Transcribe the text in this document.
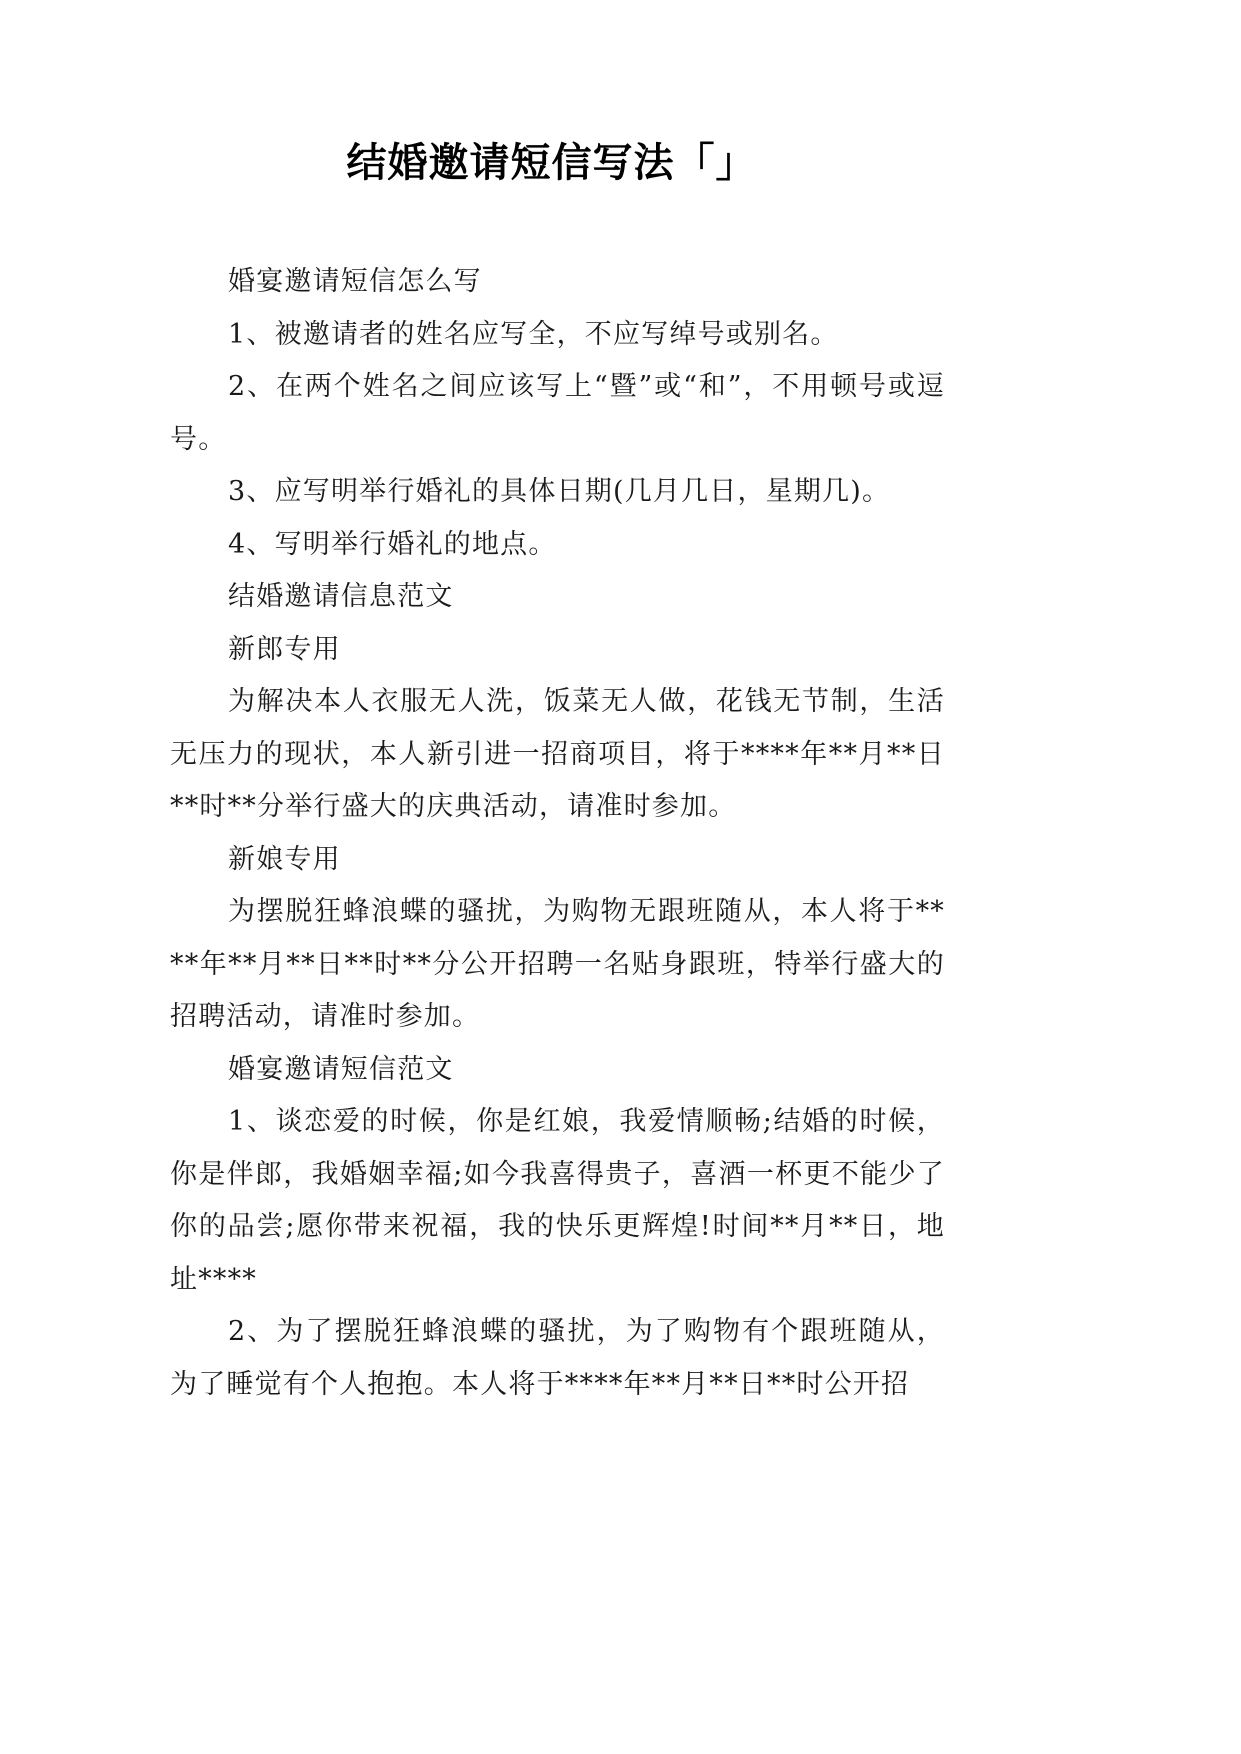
结婚邀请短信写法「」

婚宴邀请短信怎么写

1、被邀请者的姓名应写全，不应写绰号或别名。

2、在两个姓名之间应该写上“暨”或“和”，不用顿号或逗号。

3、应写明举行婚礼的具体日期(几月几日，星期几)。

4、写明举行婚礼的地点。

结婚邀请信息范文

新郎专用

为解决本人衣服无人洗，饭菜无人做，花钱无节制，生活无压力的现状，本人新引进一招商项目，将于****年**月**日**时**分举行盛大的庆典活动，请准时参加。

新娘专用

为摆脱狂蜂浪蝶的骚扰，为购物无跟班随从，本人将于****年**月**日**时**分公开招聘一名贴身跟班，特举行盛大的招聘活动，请准时参加。

婚宴邀请短信范文

1、谈恋爱的时候，你是红娘，我爱情顺畅;结婚的时候，你是伴郎，我婚姻幸福;如今我喜得贵子，喜酒一杯更不能少了你的品尝;愿你带来祝福，我的快乐更辉煌!时间**月**日，地址****

2、为了摆脱狂蜂浪蝶的骚扰，为了购物有个跟班随从，为了睡觉有个人抱抱。本人将于****年**月**日**时公开招
